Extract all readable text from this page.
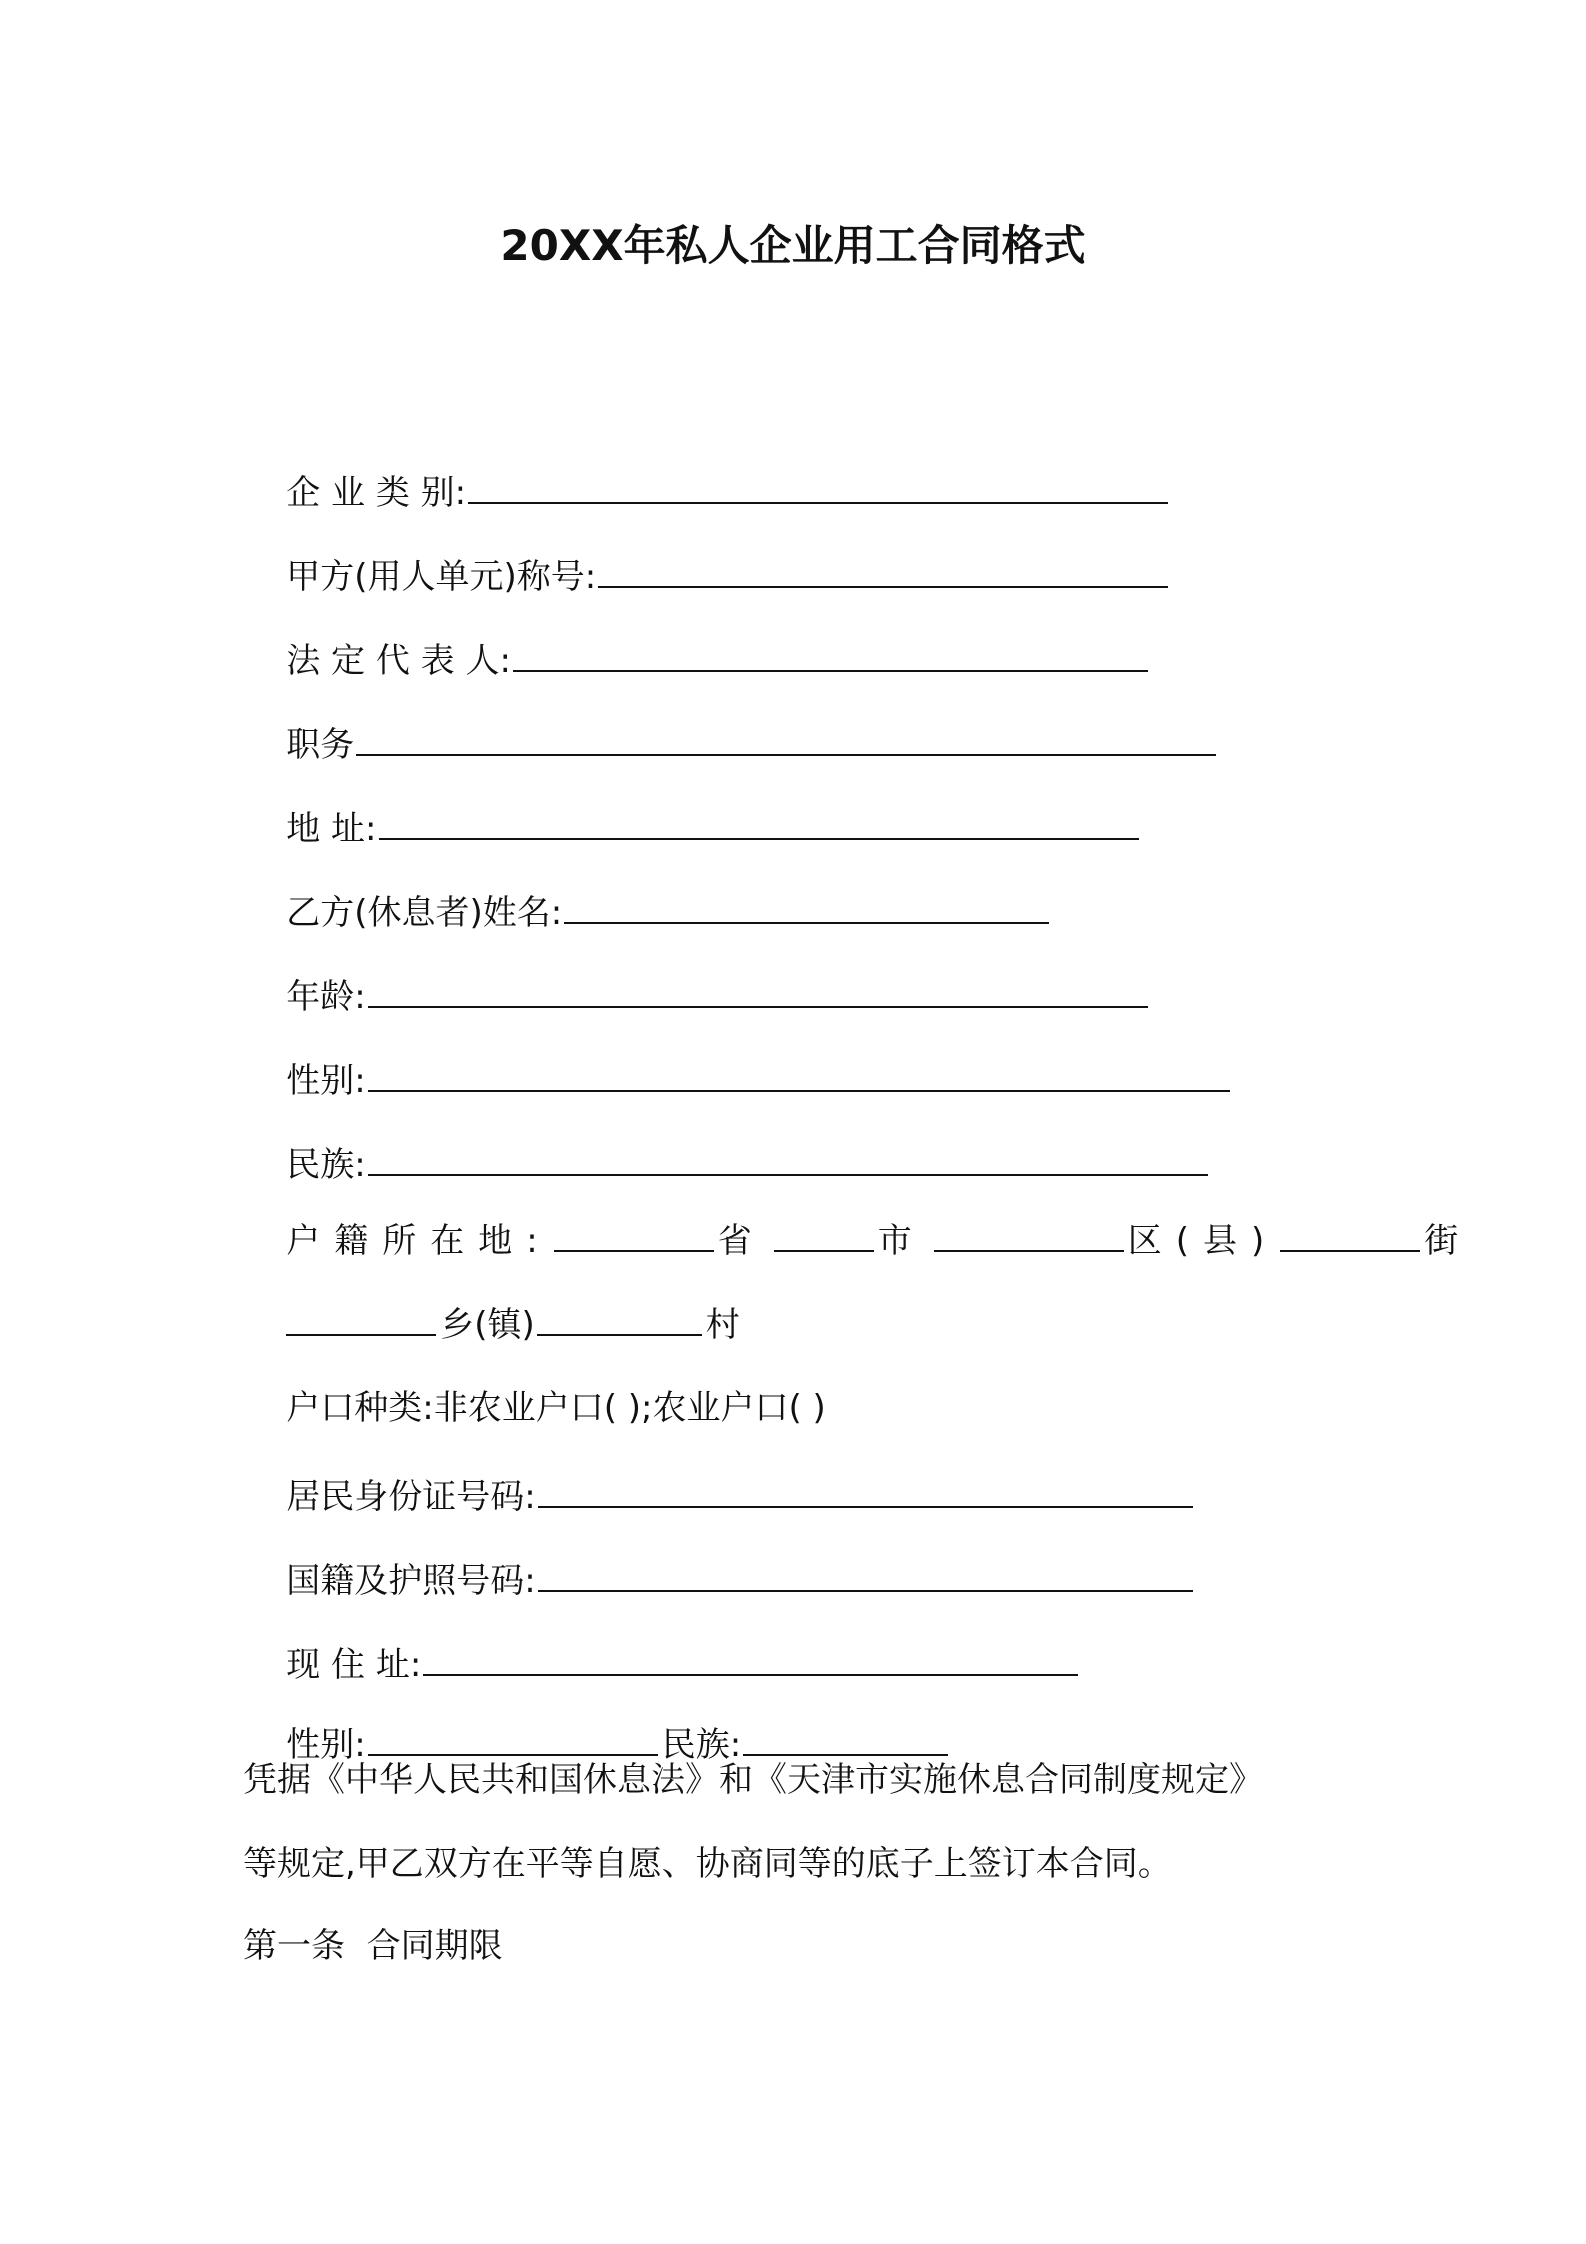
20XX年私人企业用工合同格式

企 业 类 别:

甲方(用人单元)称号:

法 定 代 表 人:

职务

地 址:

乙方(休息者)姓名:

年龄:

性别:

民族:

户籍所在地:	省	市	区(县)	街

乡(镇)	村

户口种类:非农业户口( );农业户口( )

居民身份证号码:

国籍及护照号码:

现 住 址:

性别:	民族:

凭据《中华人民共和国休息法》和《天津市实施休息合同制度规定》
等规定,甲乙双方在平等自愿、协商同等的底子上签订本合同。
第一条  合同期限
